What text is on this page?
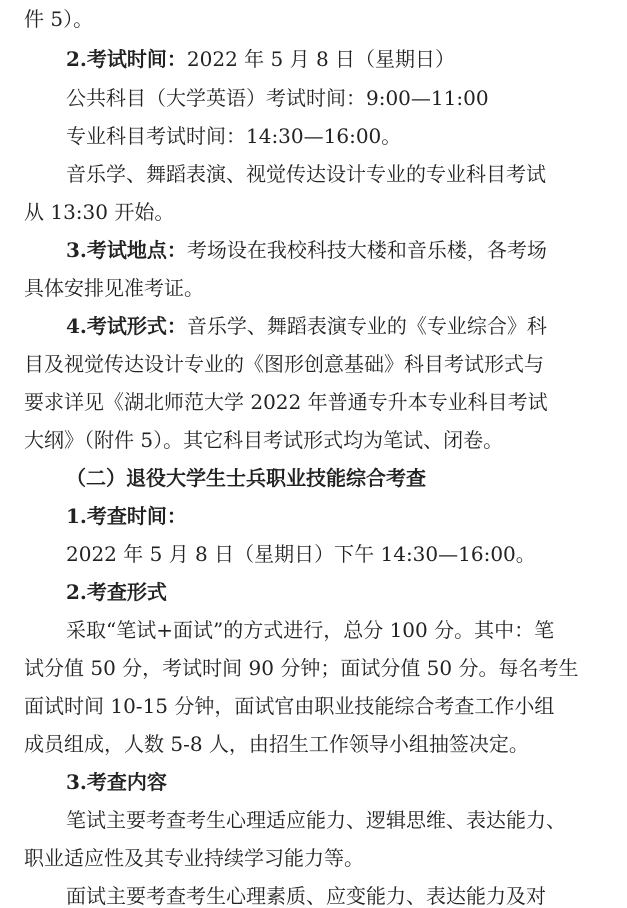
件 5）。
2.考试时间：2022 年 5 月 8 日（星期日）
公共科目（大学英语）考试时间：9:00—11:00
专业科目考试时间：14:30—16:00。
音乐学、舞蹈表演、视觉传达设计专业的专业科目考试
从 13:30 开始。
3.考试地点：考场设在我校科技大楼和音乐楼，各考场
具体安排见准考证。
4.考试形式：音乐学、舞蹈表演专业的《专业综合》科
目及视觉传达设计专业的《图形创意基础》科目考试形式与
要求详见《湖北师范大学 2022 年普通专升本专业科目考试
大纲》（附件 5）。其它科目考试形式均为笔试、闭卷。
（二）退役大学生士兵职业技能综合考查
1.考查时间：
2022 年 5 月 8 日（星期日）下午 14:30—16:00。
2.考查形式
采取“笔试+面试”的方式进行，总分 100 分。其中：笔
试分值 50 分，考试时间 90 分钟；面试分值 50 分。每名考生
面试时间 10-15 分钟，面试官由职业技能综合考查工作小组
成员组成，人数 5-8 人，由招生工作领导小组抽签决定。
3.考查内容
笔试主要考查考生心理适应能力、逻辑思维、表达能力、
职业适应性及其专业持续学习能力等。
面试主要考查考生心理素质、应变能力、表达能力及对
